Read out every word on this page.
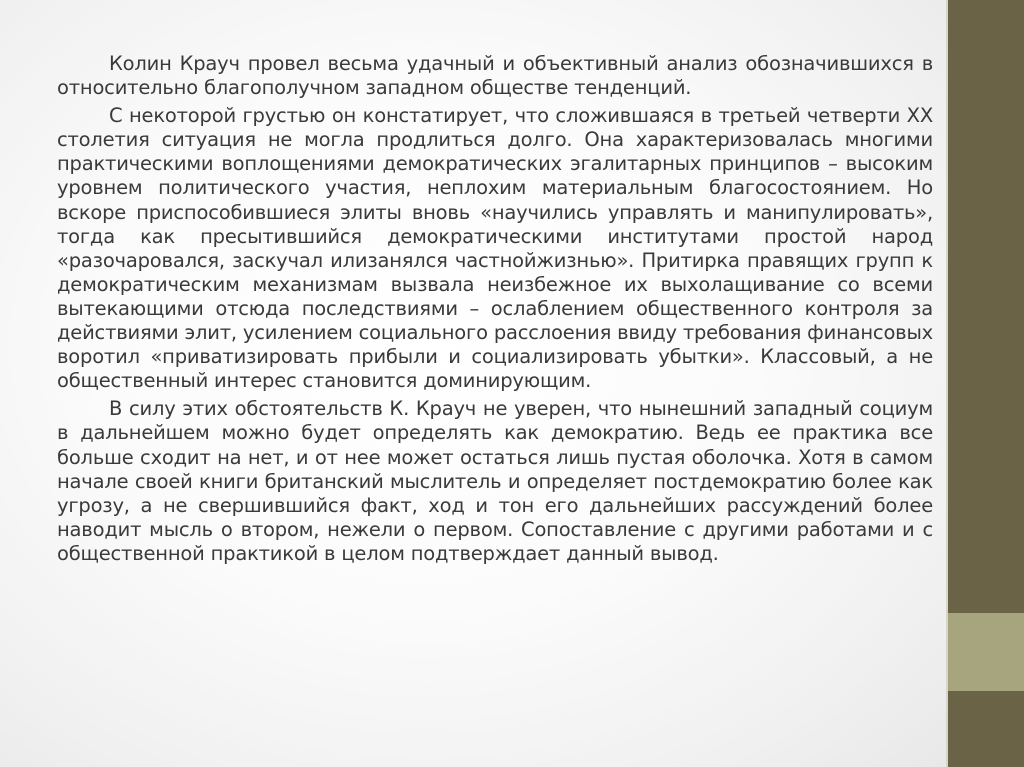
Колин Крауч провел весьма удачный и объективный анализ обозначившихся в относительно благополучном западном обществе тенденций.

С некоторой грустью он констатирует, что сложившаяся в третьей четверти XX столетия ситуация не могла продлиться долго. Она характеризовалась многими практическими воплощениями демократических эгалитарных принципов – высоким уровнем политического участия, неплохим материальным благосостоянием. Но вскоре приспособившиеся элиты вновь «научились управлять и манипулировать», тогда как пресытившийся демократическими институтами простой народ «разочаровался, заскучал илизанялся частнойжизнью». Притирка правящих групп к демократическим механизмам вызвала неизбежное их выхолащивание со всеми вытекающими отсюда последствиями – ослаблением общественного контроля за действиями элит, усилением социального расслоения ввиду требования финансовых воротил «приватизировать прибыли и социализировать убытки». Классовый, а не общественный интерес становится доминирующим.

В силу этих обстоятельств К. Крауч не уверен, что нынешний западный социум в дальнейшем можно будет определять как демократию. Ведь ее практика все больше сходит на нет, и от нее может остаться лишь пустая оболочка. Хотя в самом начале своей книги британский мыслитель и определяет постдемократию более как угрозу, а не свершившийся факт, ход и тон его дальнейших рассуждений более наводит мысль о втором, нежели о первом. Сопоставление с другими работами и с общественной практикой в целом подтверждает данный вывод.
